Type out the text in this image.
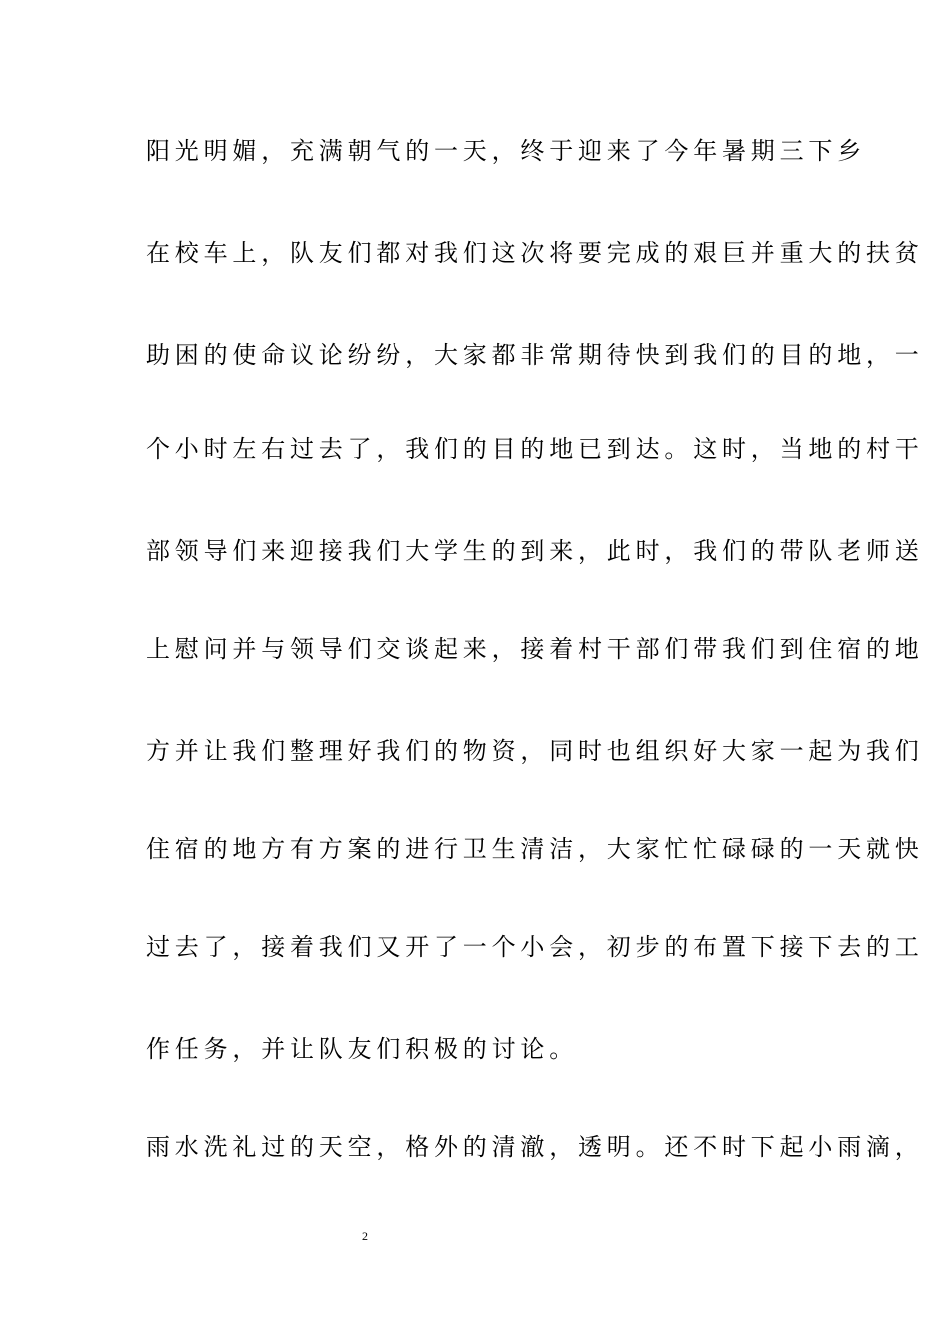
阳光明媚，充满朝气的一天，终于迎来了今年暑期三下乡
在校车上，队友们都对我们这次将要完成的艰巨并重大的扶贫
助困的使命议论纷纷，大家都非常期待快到我们的目的地，一
个小时左右过去了，我们的目的地已到达。这时，当地的村干
部领导们来迎接我们大学生的到来，此时，我们的带队老师送
上慰问并与领导们交谈起来，接着村干部们带我们到住宿的地
方并让我们整理好我们的物资，同时也组织好大家一起为我们
住宿的地方有方案的进行卫生清洁，大家忙忙碌碌的一天就快
过去了，接着我们又开了一个小会，初步的布置下接下去的工
作任务，并让队友们积极的讨论。
雨水洗礼过的天空，格外的清澈，透明。还不时下起小雨滴，
2
